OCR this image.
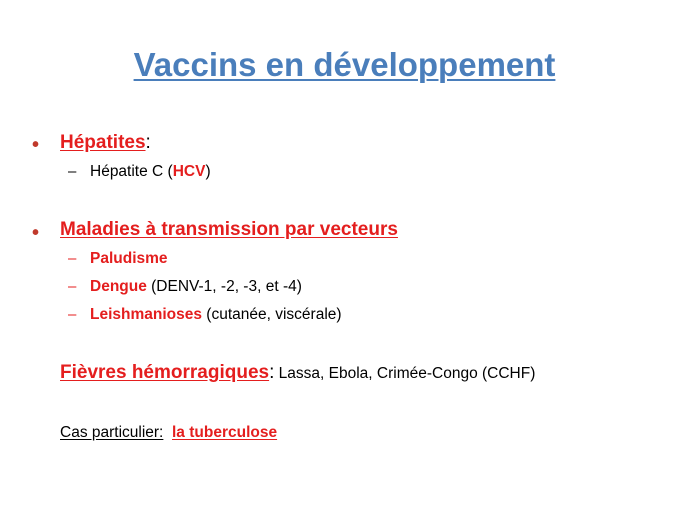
Vaccins en développement
• Hépatites:
– Hépatite C (HCV)
• Maladies à transmission par vecteurs
– Paludisme
– Dengue (DENV-1, -2, -3, et -4)
– Leishmanioses (cutanée, viscérale)
Fièvres hémorragiques: Lassa, Ebola, Crimée-Congo (CCHF)
Cas particulier: la tuberculose
